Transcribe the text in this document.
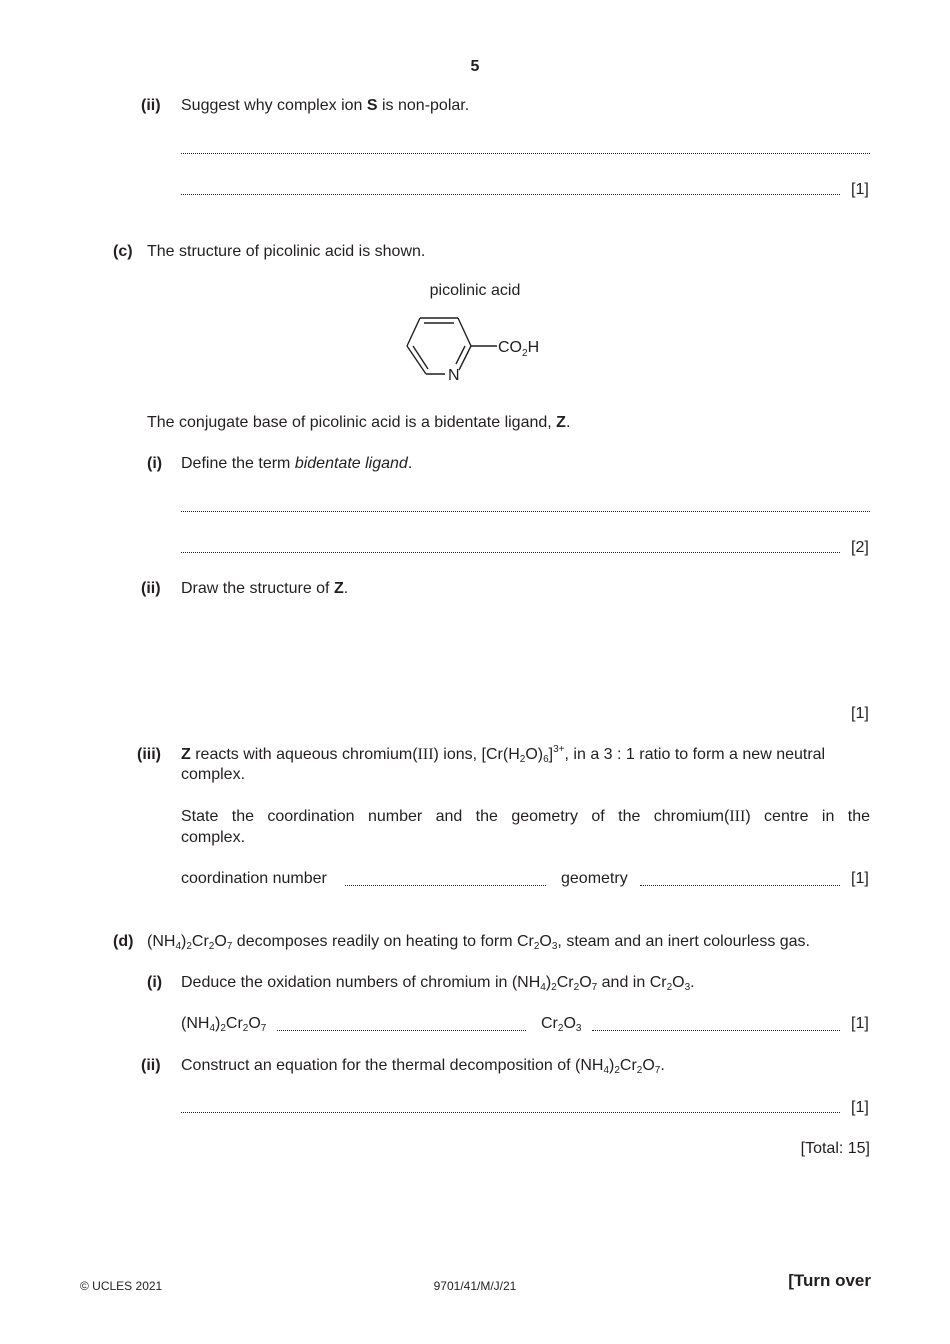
5
(ii) Suggest why complex ion S is non-polar.
[1]
(c) The structure of picolinic acid is shown.
picolinic acid
N
$CO_2H$
The conjugate base of picolinic acid is a bidentate ligand, Z.
(i) Define the term bidentate ligand.
[2]
(ii) Draw the structure of Z.
[1]
(iii) Z reacts with aqueous chromium(III) ions, $[Cr(H_2O)_6]^{3+}$, in a 3 : 1 ratio to form a new neutral
complex.
State the coordination number and the geometry of the chromium(III) centre in the
complex.
coordination number	geometry	[1]
(d) $(NH_4)_2Cr_2O_7$ decomposes readily on heating to form $Cr_2O_3$, steam and an inert colourless gas.
(i) Deduce the oxidation numbers of chromium in $(NH_4)_2Cr_2O_7$ and in $Cr_2O_3$.
$(NH_4)_2Cr_2O_7$	$Cr_2O_3$	[1]
(ii) Construct an equation for the thermal decomposition of $(NH_4)_2Cr_2O_7$.
[1]
[Total: 15]
© UCLES 2021	9701/41/M/J/21	[Turn over
